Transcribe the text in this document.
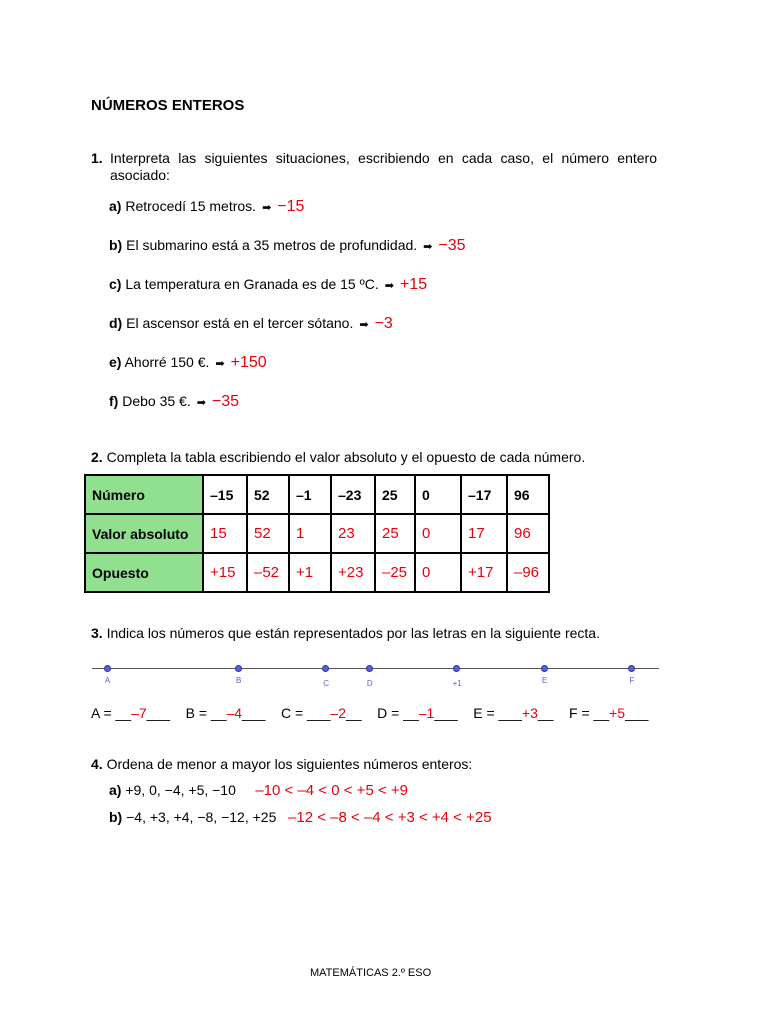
NÚMEROS ENTEROS
1. Interpreta las siguientes situaciones, escribiendo en cada caso, el número entero
asociado:
a) Retrocedí 15 metros. ➡ −15
b) El submarino está a 35 metros de profundidad. ➡ −35
c) La temperatura en Granada es de 15 ºC. ➡ +15
d) El ascensor está en el tercer sótano. ➡ −3
e) Ahorré 150 €. ➡ +150
f) Debo 35 €. ➡ −35
2. Completa la tabla escribiendo el valor absoluto y el opuesto de cada número.
Número	–15	52	–1	–23	25	0	–17	96
Valor absoluto	15	52	1	23	25	0	17	96
Opuesto	+15	–52	+1	+23	–25	0	+17	–96
3. Indica los números que están representados por las letras en la siguiente recta.
A	B	C	D	+1	E	F
A = __–7___ B = __–4___ C = ___–2__ D = __–1___ E = ___+3__ F = __+5___
4. Ordena de menor a mayor los siguientes números enteros:
a) +9, 0, −4, +5, −10 –10 < –4 < 0 < +5 < +9
b) −4, +3, +4, −8, −12, +25 –12 < –8 < –4 < +3 < +4 < +25
MATEMÁTICAS 2.º ESO
